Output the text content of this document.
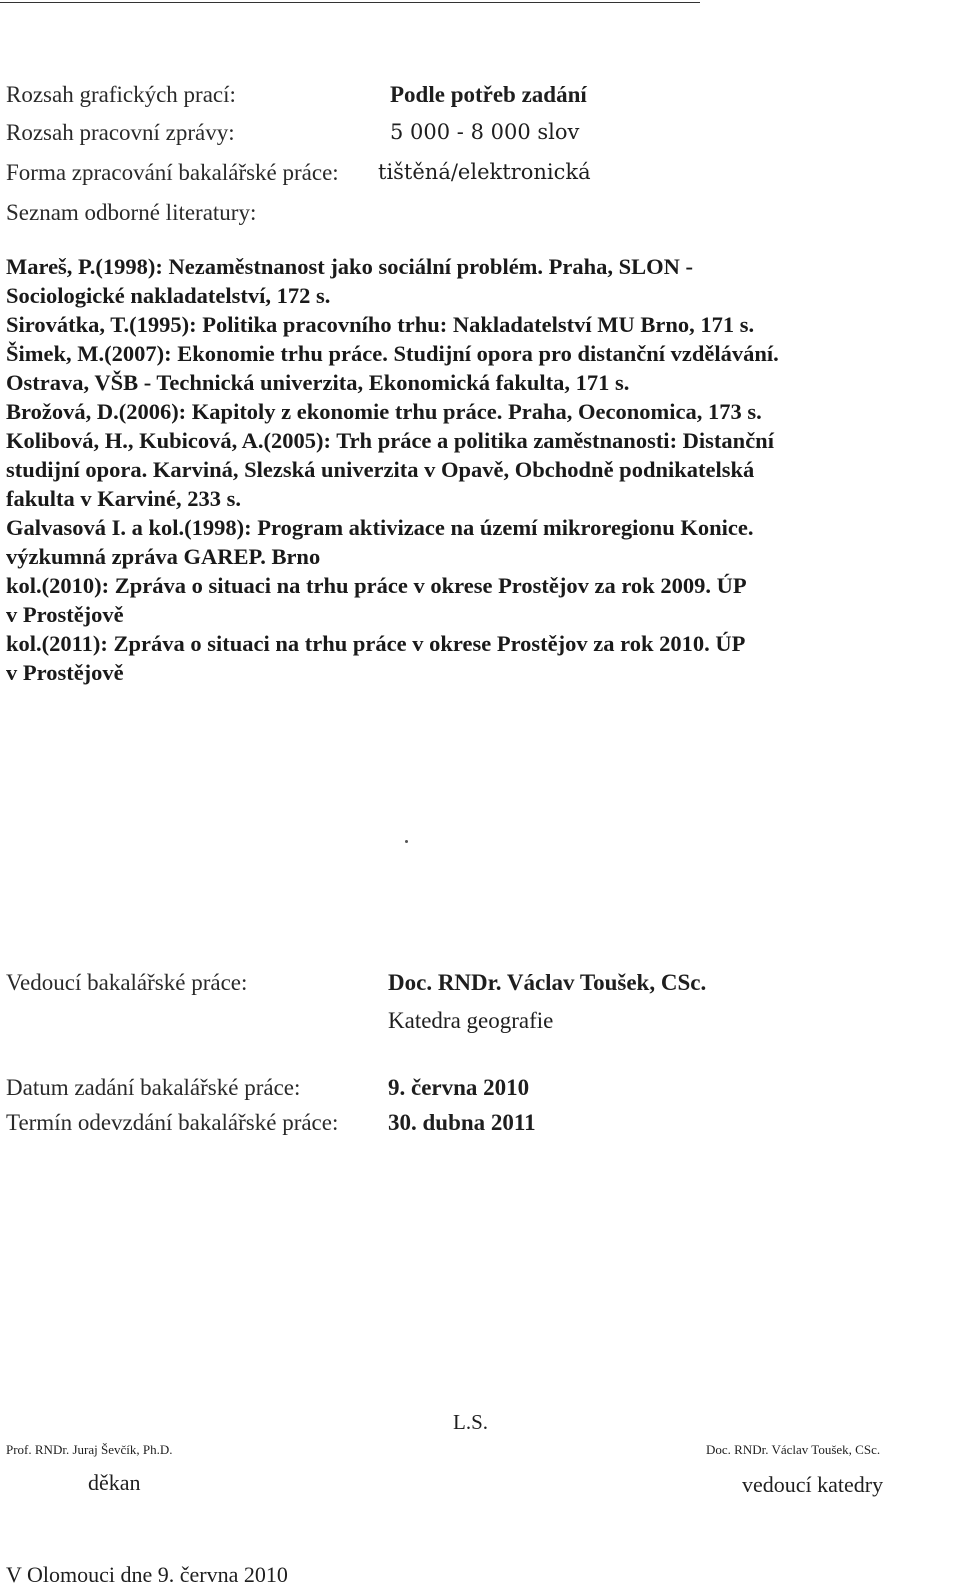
Rozsah grafických prací:	Podle potřeb zadání
Rozsah pracovní zprávy:	5 000 - 8 000 slov
Forma zpracování bakalářské práce: tištěná/elektronická
Seznam odborné literatury:
Mareš, P.(1998): Nezaměstnanost jako sociální problém. Praha, SLON -
Sociologické nakladatelství, 172 s.
Sirovátka, T.(1995): Politika pracovního trhu: Nakladatelství MU Brno, 171 s.
Šimek, M.(2007): Ekonomie trhu práce. Studijní opora pro distanční vzdělávání.
Ostrava, VŠB - Technická univerzita, Ekonomická fakulta, 171 s.
Brožová, D.(2006): Kapitoly z ekonomie trhu práce. Praha, Oeconomica, 173 s.
Kolibová, H., Kubicová, A.(2005): Trh práce a politika zaměstnanosti: Distanční
studijní opora. Karviná, Slezská univerzita v Opavě, Obchodně podnikatelská
fakulta v Karviné, 233 s.
Galvasová I. a kol.(1998): Program aktivizace na území mikroregionu Konice.
výzkumná zpráva GAREP. Brno
kol.(2010): Zpráva o situaci na trhu práce v okrese Prostějov za rok 2009. ÚP
v Prostějově
kol.(2011): Zpráva o situaci na trhu práce v okrese Prostějov za rok 2010. ÚP
v Prostějově
Vedoucí bakalářské práce:	Doc. RNDr. Václav Toušek, CSc.
Katedra geografie
Datum zadání bakalářské práce:	9. června 2010
Termín odevzdání bakalářské práce: 30. dubna 2011
L.S.
Prof. RNDr. Juraj Ševčík, Ph.D.
děkan
Doc. RNDr. Václav Toušek, CSc.
vedoucí katedry
V Olomouci dne 9. června 2010
